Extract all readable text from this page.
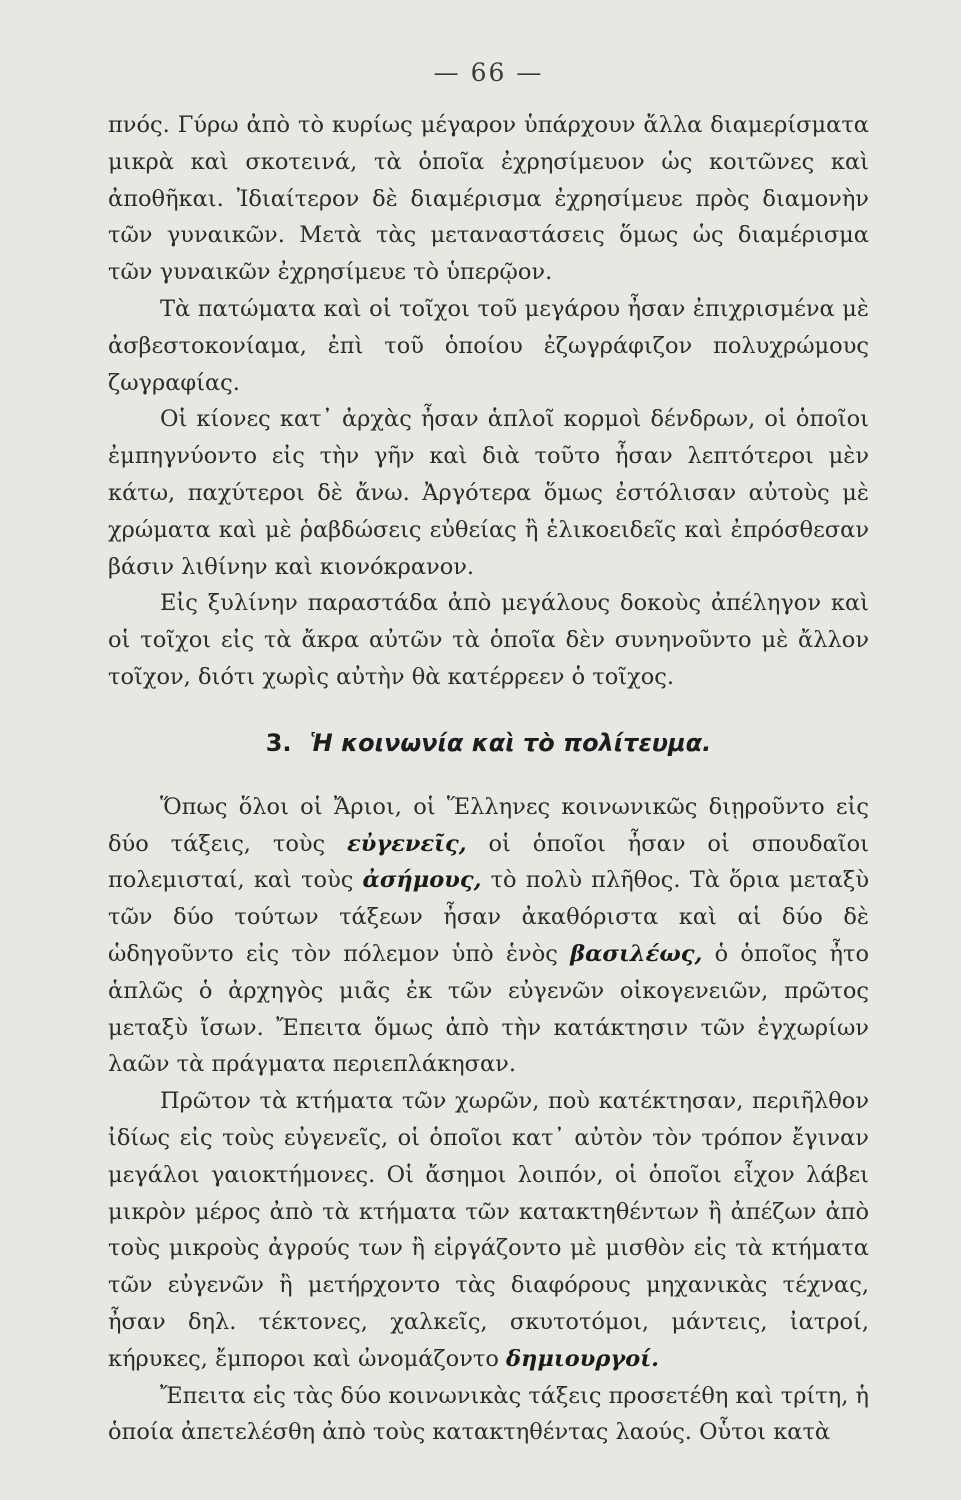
— 66 —

πνός. Γύρω ἀπὸ τὸ κυρίως μέγαρον ὑπάρχουν ἄλλα διαμερίσματα μικρὰ καὶ σκοτεινά, τὰ ὁποῖα ἐχρησίμευον ὡς κοιτῶνες καὶ ἀποθῆκαι. Ἰδιαίτερον δὲ διαμέρισμα ἐχρησίμευε πρὸς διαμονὴν τῶν γυναικῶν. Μετὰ τὰς μεταναστάσεις ὅμως ὡς διαμέρισμα τῶν γυναικῶν ἐχρησίμευε τὸ ὑπερῷον.

Τὰ πατώματα καὶ οἱ τοῖχοι τοῦ μεγάρου ἦσαν ἐπιχρισμένα μὲ ἀσβεστοκονίαμα, ἐπὶ τοῦ ὁποίου ἐζωγράφιζον πολυχρώμους ζωγραφίας.

Οἱ κίονες κατ᾽ ἀρχὰς ἦσαν ἁπλοῖ κορμοὶ δένδρων, οἱ ὁποῖοι ἐμπηγνύοντο εἰς τὴν γῆν καὶ διὰ τοῦτο ἦσαν λεπτότεροι μὲν κάτω, παχύτεροι δὲ ἄνω. Ἀργότερα ὅμως ἐστόλισαν αὐτοὺς μὲ χρώματα καὶ μὲ ῥαβδώσεις εὐθείας ἢ ἑλικοειδεῖς καὶ ἐπρόσθεσαν βάσιν λιθίνην καὶ κιονόκρανον.

Εἰς ξυλίνην παραστάδα ἀπὸ μεγάλους δοκοὺς ἀπέληγον καὶ οἱ τοῖχοι εἰς τὰ ἄκρα αὐτῶν τὰ ὁποῖα δὲν συνηνοῦντο μὲ ἄλλον τοῖχον, διότι χωρὶς αὐτὴν θὰ κατέρρεεν ὁ τοῖχος.

3. Ἡ κοινωνία καὶ τὸ πολίτευμα.

Ὅπως ὅλοι οἱ Ἄριοι, οἱ Ἕλληνες κοινωνικῶς διῃροῦντο εἰς δύο τάξεις, τοὺς εὐγενεῖς, οἱ ὁποῖοι ἦσαν οἱ σπουδαῖοι πολεμισταί, καὶ τοὺς ἀσήμους, τὸ πολὺ πλῆθος. Τὰ ὅρια μεταξὺ τῶν δύο τούτων τάξεων ἦσαν ἀκαθόριστα καὶ αἱ δύο δὲ ὡδηγοῦντο εἰς τὸν πόλεμον ὑπὸ ἑνὸς βασιλέως, ὁ ὁποῖος ἦτο ἁπλῶς ὁ ἀρχηγὸς μιᾶς ἐκ τῶν εὐγενῶν οἰκογενειῶν, πρῶτος μεταξὺ ἴσων. Ἔπειτα ὅμως ἀπὸ τὴν κατάκτησιν τῶν ἐγχωρίων λαῶν τὰ πράγματα περιεπλάκησαν.

Πρῶτον τὰ κτήματα τῶν χωρῶν, ποὺ κατέκτησαν, περιῆλθον ἰδίως εἰς τοὺς εὐγενεῖς, οἱ ὁποῖοι κατ᾽ αὐτὸν τὸν τρόπον ἔγιναν μεγάλοι γαιοκτήμονες. Οἱ ἄσημοι λοιπόν, οἱ ὁποῖοι εἶχον λάβει μικρὸν μέρος ἀπὸ τὰ κτήματα τῶν κατακτηθέντων ἢ ἀπέζων ἀπὸ τοὺς μικροὺς ἀγρούς των ἢ εἰργάζοντο μὲ μισθὸν εἰς τὰ κτήματα τῶν εὐγενῶν ἢ μετήρχοντο τὰς διαφόρους μηχανικὰς τέχνας, ἦσαν δηλ. τέκτονες, χαλκεῖς, σκυτοτόμοι, μάντεις, ἰατροί, κήρυκες, ἔμποροι καὶ ὠνομάζοντο δημιουργοί.

Ἔπειτα εἰς τὰς δύο κοινωνικὰς τάξεις προσετέθη καὶ τρίτη, ἡ ὁποία ἀπετελέσθη ἀπὸ τοὺς κατακτηθέντας λαούς. Οὗτοι κατὰ
